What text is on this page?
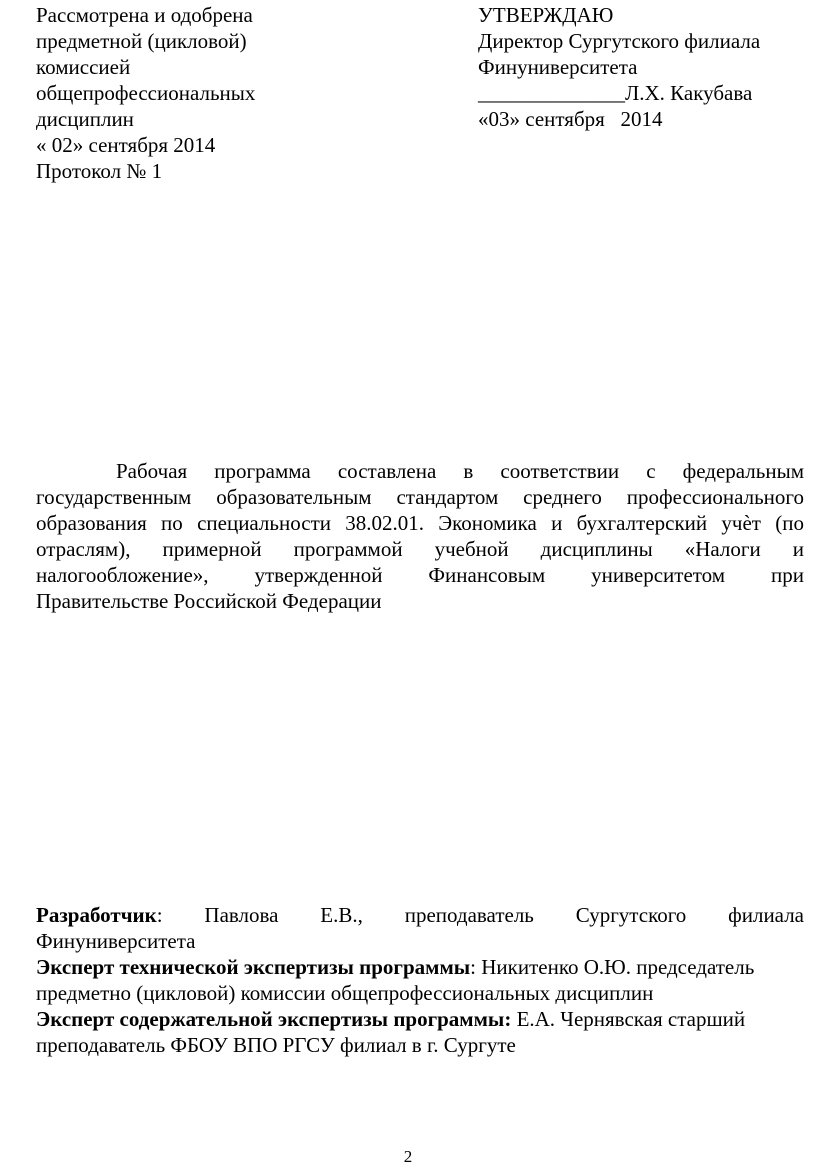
Рассмотрена и одобрена
предметной (цикловой)
комиссией
общепрофессиональных
дисциплин
« 02» сентября 2014
Протокол № 1
УТВЕРЖДАЮ
Директор Сургутского филиала
Финуниверситета
______________Л.Х. Какубава
«03» сентября   2014
Рабочая программа составлена в соответствии с федеральным
государственным образовательным стандартом среднего профессионального
образования по специальности 38.02.01. Экономика и бухгалтерский учѐт (по
отраслям), примерной программой учебной дисциплины «Налоги и
налогообложение», утвержденной Финансовым университетом при
Правительстве Российской Федерации
Разработчик: Павлова Е.В., преподаватель Сургутского филиала
Финуниверситета
Эксперт технической экспертизы программы: Никитенко О.Ю. председатель
предметно (цикловой) комиссии общепрофессиональных дисциплин
Эксперт содержательной экспертизы программы: Е.А. Чернявская старший
преподаватель ФБОУ ВПО РГСУ филиал в г. Сургуте
2
